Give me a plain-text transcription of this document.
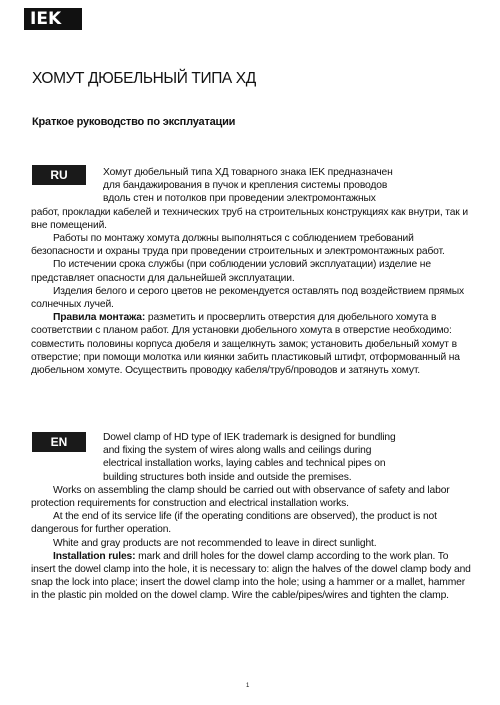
IEK
ХОМУТ ДЮБЕЛЬНЫЙ ТИПА ХД
Краткое руководство по эксплуатации
RU	Хомут дюбельный типа ХД товарного знака IEK предназначен

для бандажирования в пучок и крепления системы проводов

вдоль стен и потолков при проведении электромонтажных

работ, прокладки кабелей и технических труб на строительных конструкциях как внутри, так и вне помещений.

Работы по монтажу хомута должны выполняться с соблюдением требований безопасности и охраны труда при проведении строительных и электромонтажных работ.

По истечении срока службы (при соблюдении условий эксплуатации) изделие не представляет опасности для дальнейшей эксплуатации.

Изделия белого и серого цветов не рекомендуется оставлять под воздействием прямых солнечных лучей.

Правила монтажа: разметить и просверлить отверстия для дюбельного хомута в соответствии с планом работ. Для установки дюбельного хомута в отверстие необходимо: совместить половины корпуса дюбеля и защелкнуть замок; установить дюбельный хомут в отверстие; при помощи молотка или киянки забить пластиковый штифт, отформованный на дюбельном хомуте. Осуществить проводку кабеля/труб/проводов и затянуть хомут.

EN	Dowel clamp of HD type of IEK trademark is designed for bundling

and fixing the system of wires along walls and ceilings during

electrical installation works, laying cables and technical pipes on

building structures both inside and outside the premises.

Works on assembling the clamp should be carried out with observance of safety and labor protection requirements for construction and electrical installation works.

At the end of its service life (if the operating conditions are observed), the product is not dangerous for further operation.

White and gray products are not recommended to leave in direct sunlight.

Installation rules: mark and drill holes for the dowel clamp according to the work plan. To insert the dowel clamp into the hole, it is necessary to: align the halves of the dowel clamp body and snap the lock into place; insert the dowel clamp into the hole; using a hammer or a mallet, hammer in the plastic pin molded on the dowel clamp. Wire the cable/pipes/wires and tighten the clamp.

1
